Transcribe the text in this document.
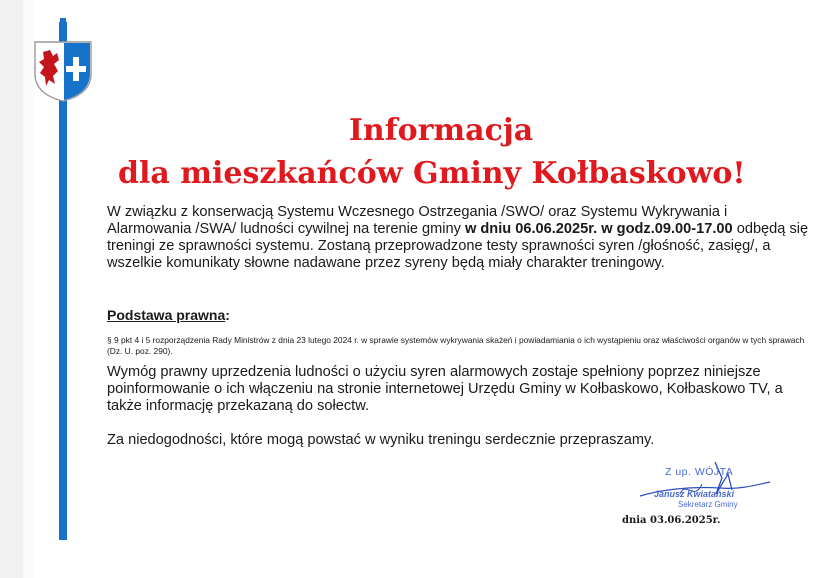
Informacja
dla mieszkańców Gminy Kołbaskowo!
W związku z konserwacją Systemu Wczesnego Ostrzegania /SWO/ oraz Systemu Wykrywania i Alarmowania /SWA/ ludności cywilnej na terenie gminy w dniu 06.06.2025r. w godz.09.00-17.00 odbędą się treningi ze sprawności systemu. Zostaną przeprowadzone testy sprawności syren /głośność, zasięg/, a wszelkie komunikaty słowne nadawane przez syreny będą miały charakter treningowy.
Podstawa prawna:
§ 9 pkt 4 i 5 rozporządzenia Rady Ministrów z dnia 23 lutego 2024 r. w sprawie systemów wykrywania skażeń i powiadamiania o ich wystąpieniu oraz właściwości organów w tych sprawach (Dz. U. poz. 290).
Wymóg prawny uprzedzenia ludności o użyciu syren alarmowych zostaje spełniony poprzez niniejsze poinformowanie o ich włączeniu na stronie internetowej Urzędu Gminy w Kołbaskowo, Kołbaskowo TV, a także informację przekazaną do sołectw.
Za niedogodności, które mogą powstać w wyniku treningu serdecznie przepraszamy.
Z up. WÓJTA
Janusz Kwiatański
Sekretarz Gminy
dnia 03.06.2025r.
